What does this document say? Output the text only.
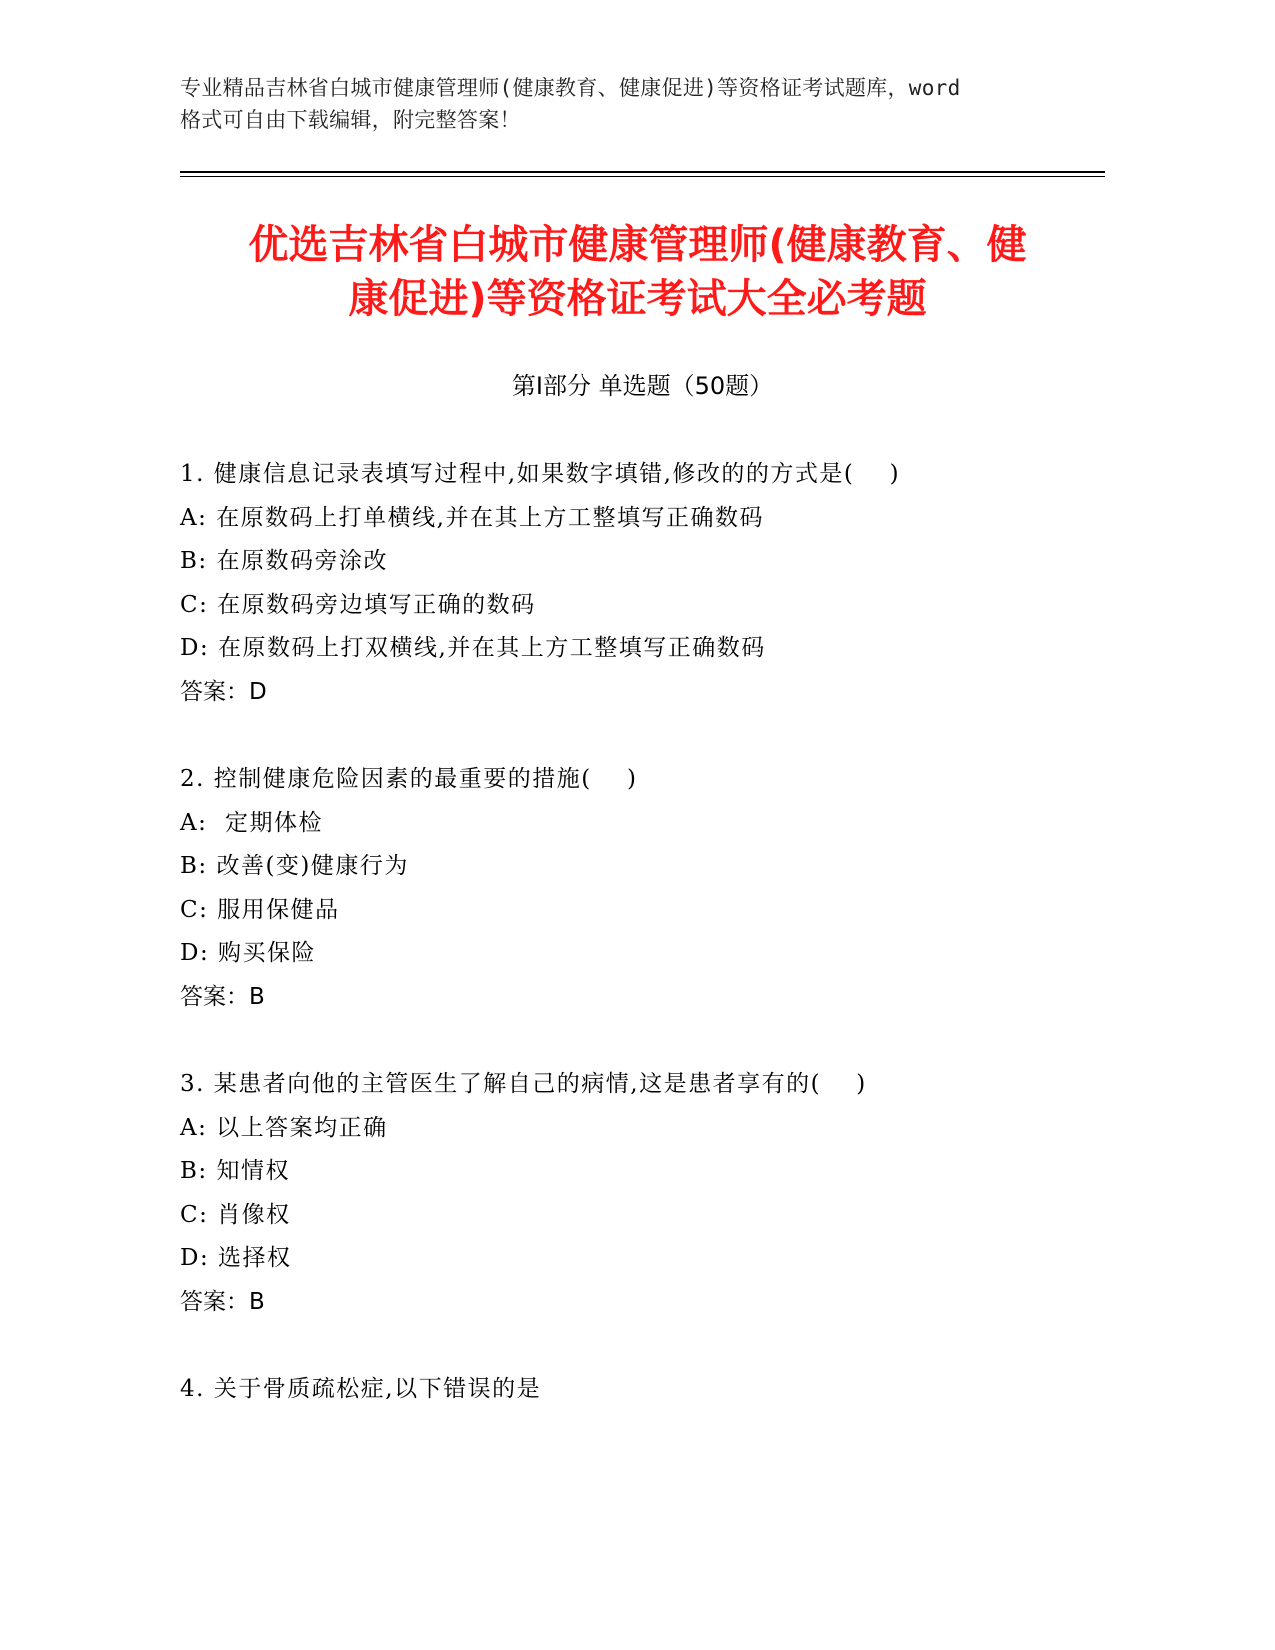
专业精品吉林省白城市健康管理师(健康教育、健康促进)等资格证考试题库，word
格式可自由下载编辑，附完整答案！
优选吉林省白城市健康管理师(健康教育、健
康促进)等资格证考试大全必考题
第Ⅰ部分 单选题（50题）
1. 健康信息记录表填写过程中,如果数字填错,修改的的方式是(    )
A: 在原数码上打单横线,并在其上方工整填写正确数码
B: 在原数码旁涂改
C: 在原数码旁边填写正确的数码
D: 在原数码上打双横线,并在其上方工整填写正确数码
答案：D
2. 控制健康危险因素的最重要的措施(    )
A:  定期体检
B: 改善(变)健康行为
C: 服用保健品
D: 购买保险
答案：B
3. 某患者向他的主管医生了解自己的病情,这是患者享有的(    )
A: 以上答案均正确
B: 知情权
C: 肖像权
D: 选择权
答案：B
4. 关于骨质疏松症,以下错误的是
